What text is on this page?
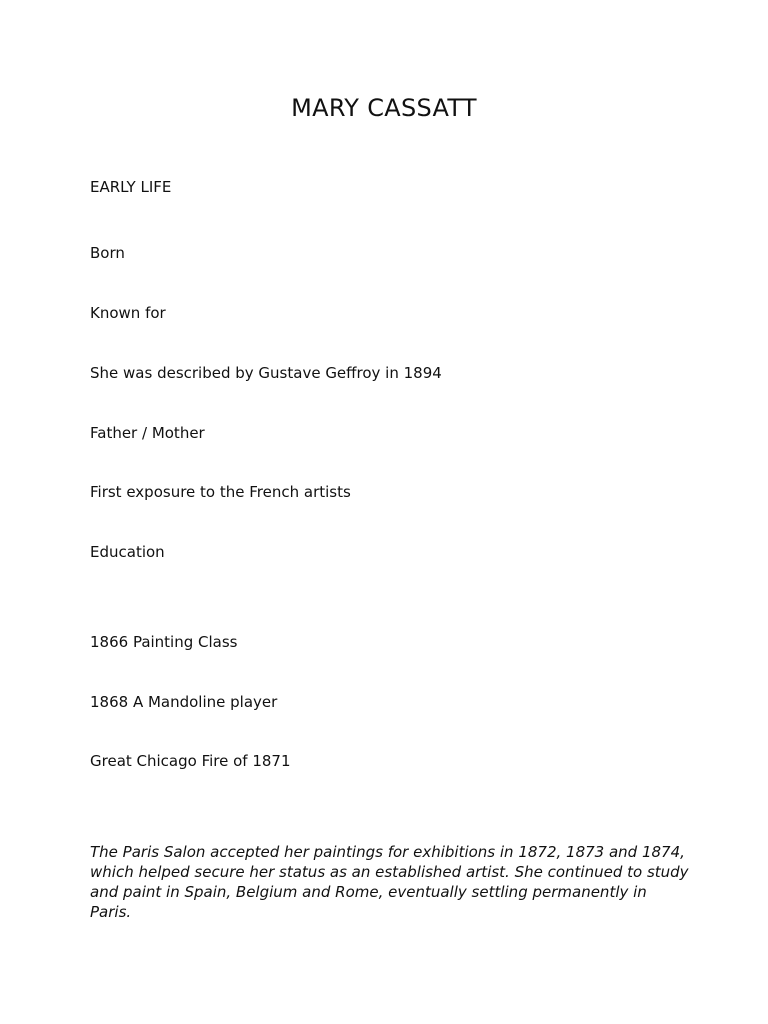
MARY CASSATT
EARLY LIFE
Born
Known for
She was described by Gustave Geffroy in 1894
Father / Mother
First exposure to the French artists
Education
1866 Painting Class
1868 A Mandoline player
Great Chicago Fire of 1871
The Paris Salon accepted her paintings for exhibitions in 1872, 1873 and 1874, which helped secure her status as an established artist. She continued to study and paint in Spain, Belgium and Rome, eventually settling permanently in Paris.
